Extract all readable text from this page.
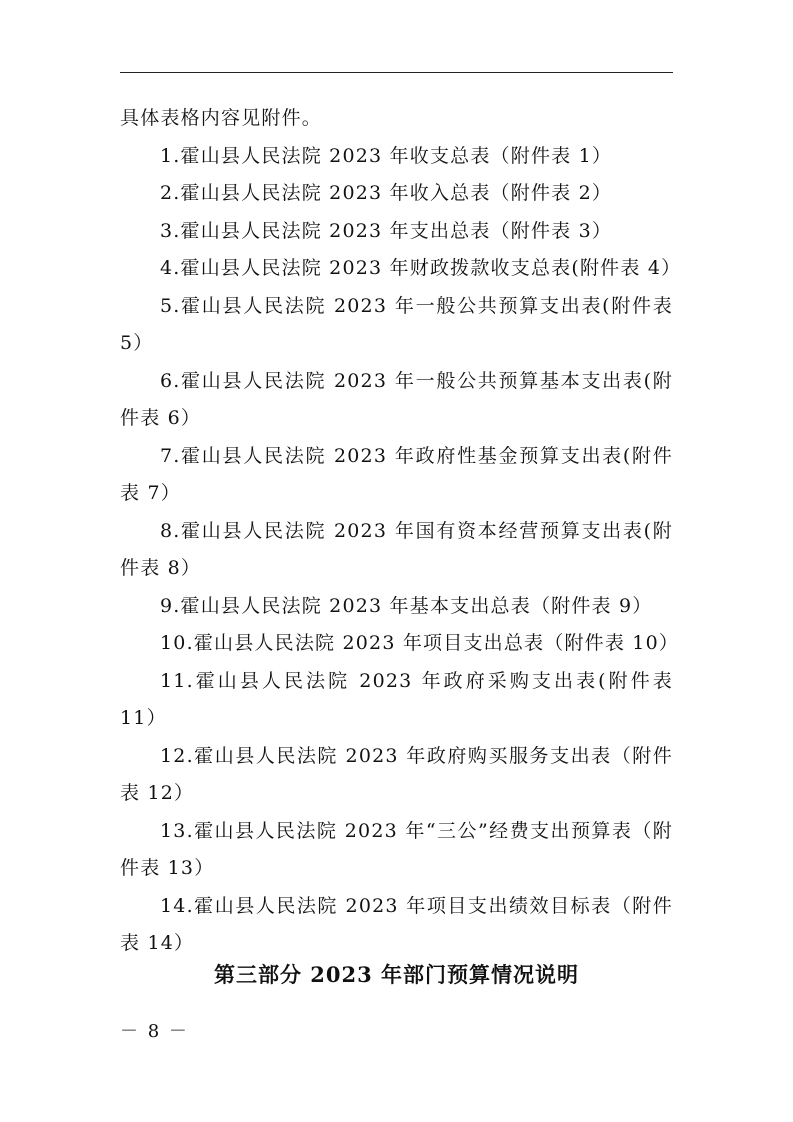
具体表格内容见附件。

1.霍山县人民法院 2023 年收支总表（附件表 1）

2.霍山县人民法院 2023 年收入总表（附件表 2）

3.霍山县人民法院 2023 年支出总表（附件表 3）

4.霍山县人民法院 2023 年财政拨款收支总表(附件表 4）

5.霍山县人民法院 2023 年一般公共预算支出表(附件表 5）

6.霍山县人民法院 2023 年一般公共预算基本支出表(附件表 6）

7.霍山县人民法院 2023 年政府性基金预算支出表(附件表 7）

8.霍山县人民法院 2023 年国有资本经营预算支出表(附件表 8）

9.霍山县人民法院 2023 年基本支出总表（附件表 9）

10.霍山县人民法院 2023 年项目支出总表（附件表 10）

11.霍山县人民法院 2023 年政府采购支出表(附件表 11）

12.霍山县人民法院 2023 年政府购买服务支出表（附件表 12）

13.霍山县人民法院 2023 年“三公”经费支出预算表（附件表 13）

14.霍山县人民法院 2023 年项目支出绩效目标表（附件表 14）

第三部分 2023 年部门预算情况说明
－ 8 －
